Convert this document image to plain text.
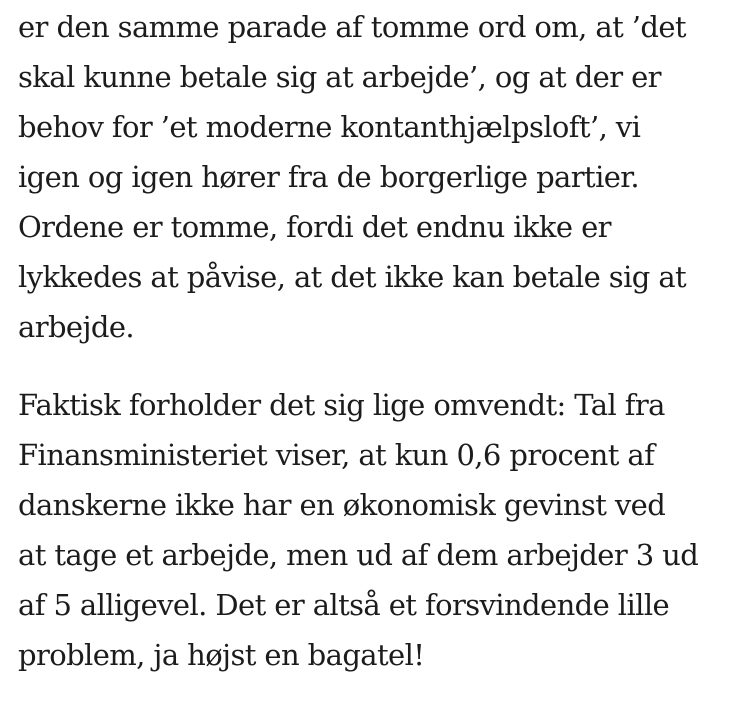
er den samme parade af tomme ord om, at ’det
skal kunne betale sig at arbejde’, og at der er
behov for ’et moderne kontanthjælpsloft’, vi
igen og igen hører fra de borgerlige partier.
Ordene er tomme, fordi det endnu ikke er
lykkedes at påvise, at det ikke kan betale sig at
arbejde.

Faktisk forholder det sig lige omvendt: Tal fra
Finansministeriet viser, at kun 0,6 procent af
danskerne ikke har en økonomisk gevinst ved
at tage et arbejde, men ud af dem arbejder 3 ud
af 5 alligevel. Det er altså et forsvindende lille
problem, ja højst en bagatel!
